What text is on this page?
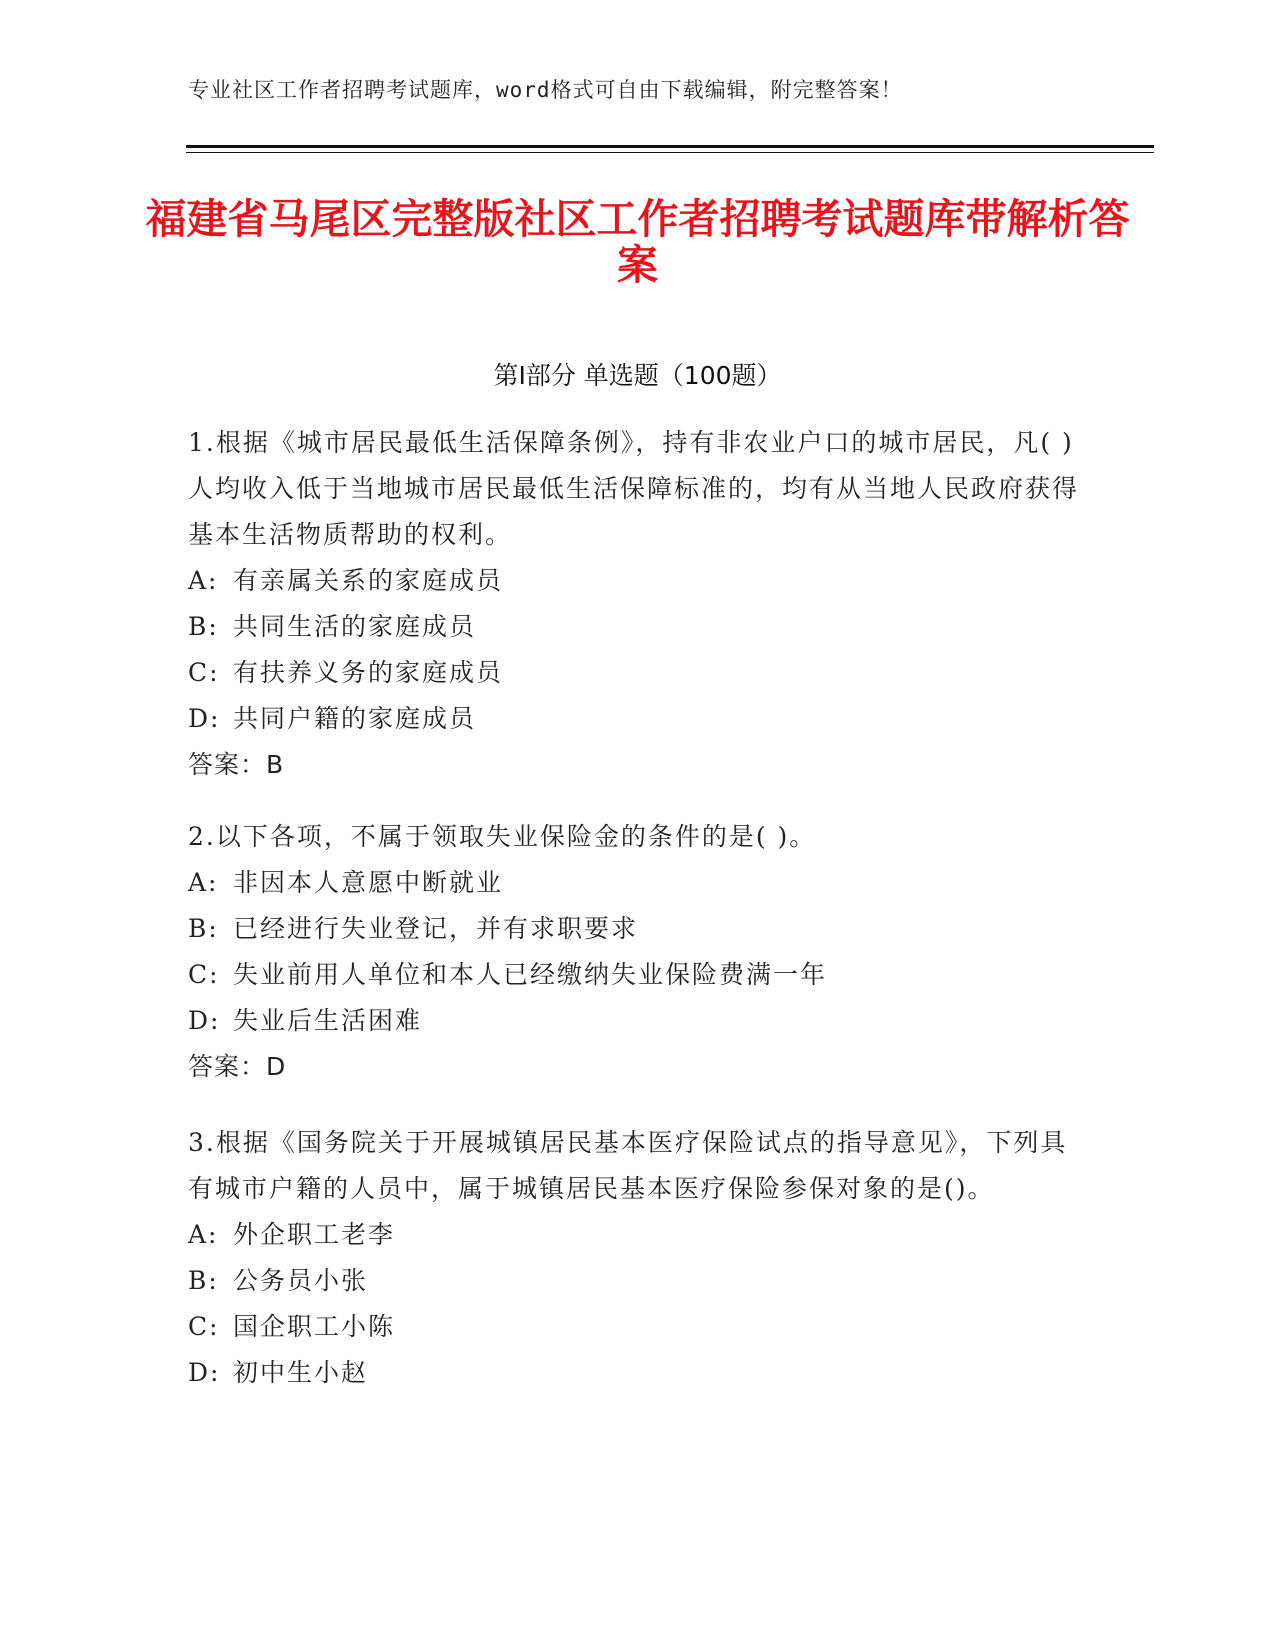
专业社区工作者招聘考试题库，word格式可自由下载编辑，附完整答案！
福建省马尾区完整版社区工作者招聘考试题库带解析答案
第Ⅰ部分 单选题（100题）

1.根据《城市居民最低生活保障条例》，持有非农业户口的城市居民，凡( )人均收入低于当地城市居民最低生活保障标准的，均有从当地人民政府获得基本生活物质帮助的权利。

A: 有亲属关系的家庭成员
B: 共同生活的家庭成员
C: 有扶养义务的家庭成员
D: 共同户籍的家庭成员
答案：B

2.以下各项，不属于领取失业保险金的条件的是( )。

A: 非因本人意愿中断就业
B: 已经进行失业登记，并有求职要求
C: 失业前用人单位和本人已经缴纳失业保险费满一年
D: 失业后生活困难
答案：D

3.根据《国务院关于开展城镇居民基本医疗保险试点的指导意见》，下列具有城市户籍的人员中，属于城镇居民基本医疗保险参保对象的是()。

A: 外企职工老李
B: 公务员小张
C: 国企职工小陈
D: 初中生小赵
